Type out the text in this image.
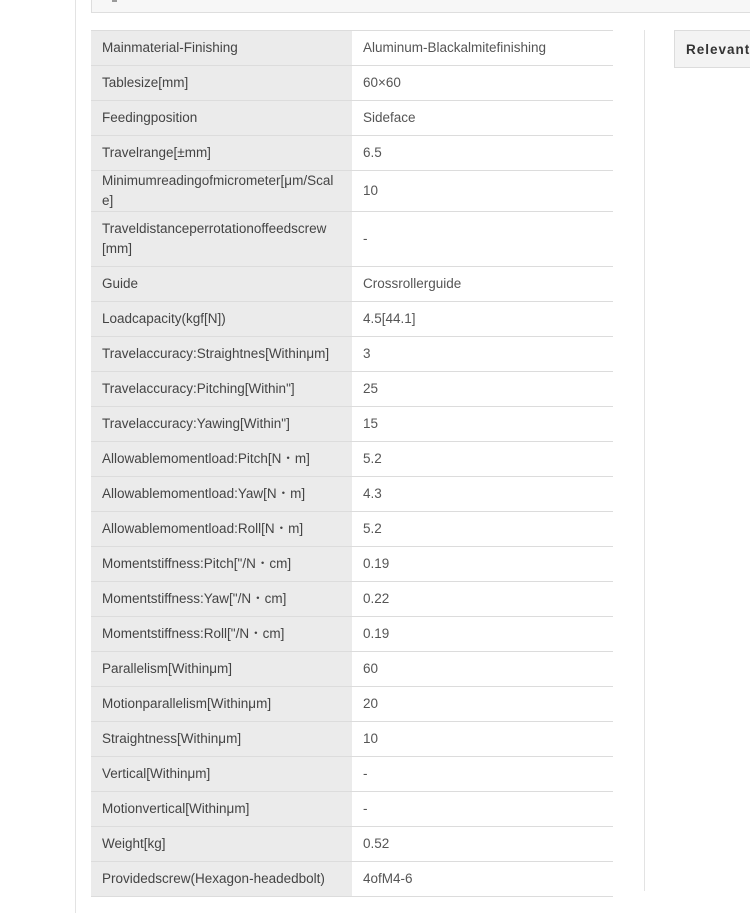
Mainmaterial-Finishing	Aluminum-Blackalmitefinishing
Tablesize[mm]	60×60
Feedingposition	Sideface
Travelrange[±mm]	6.5
Minimumreadingofmicrometer[μm/Scale]	10
Traveldistanceperrotationoffeedscrew[mm]	-
Guide	Crossrollerguide
Loadcapacity(kgf[N])	4.5[44.1]
Travelaccuracy:Straightnes[Withinμm]	3
Travelaccuracy:Pitching[Within"]	25
Travelaccuracy:Yawing[Within"]	15
Allowablemomentload:Pitch[N・m]	5.2
Allowablemomentload:Yaw[N・m]	4.3
Allowablemomentload:Roll[N・m]	5.2
Momentstiffness:Pitch["/N・cm]	0.19
Momentstiffness:Yaw["/N・cm]	0.22
Momentstiffness:Roll["/N・cm]	0.19
Parallelism[Withinμm]	60
Motionparallelism[Withinμm]	20
Straightness[Withinμm]	10
Vertical[Withinμm]	-
Motionvertical[Withinμm]	-
Weight[kg]	0.52
Providedscrew(Hexagon-headedbolt)	4ofM4-6
Relevant
